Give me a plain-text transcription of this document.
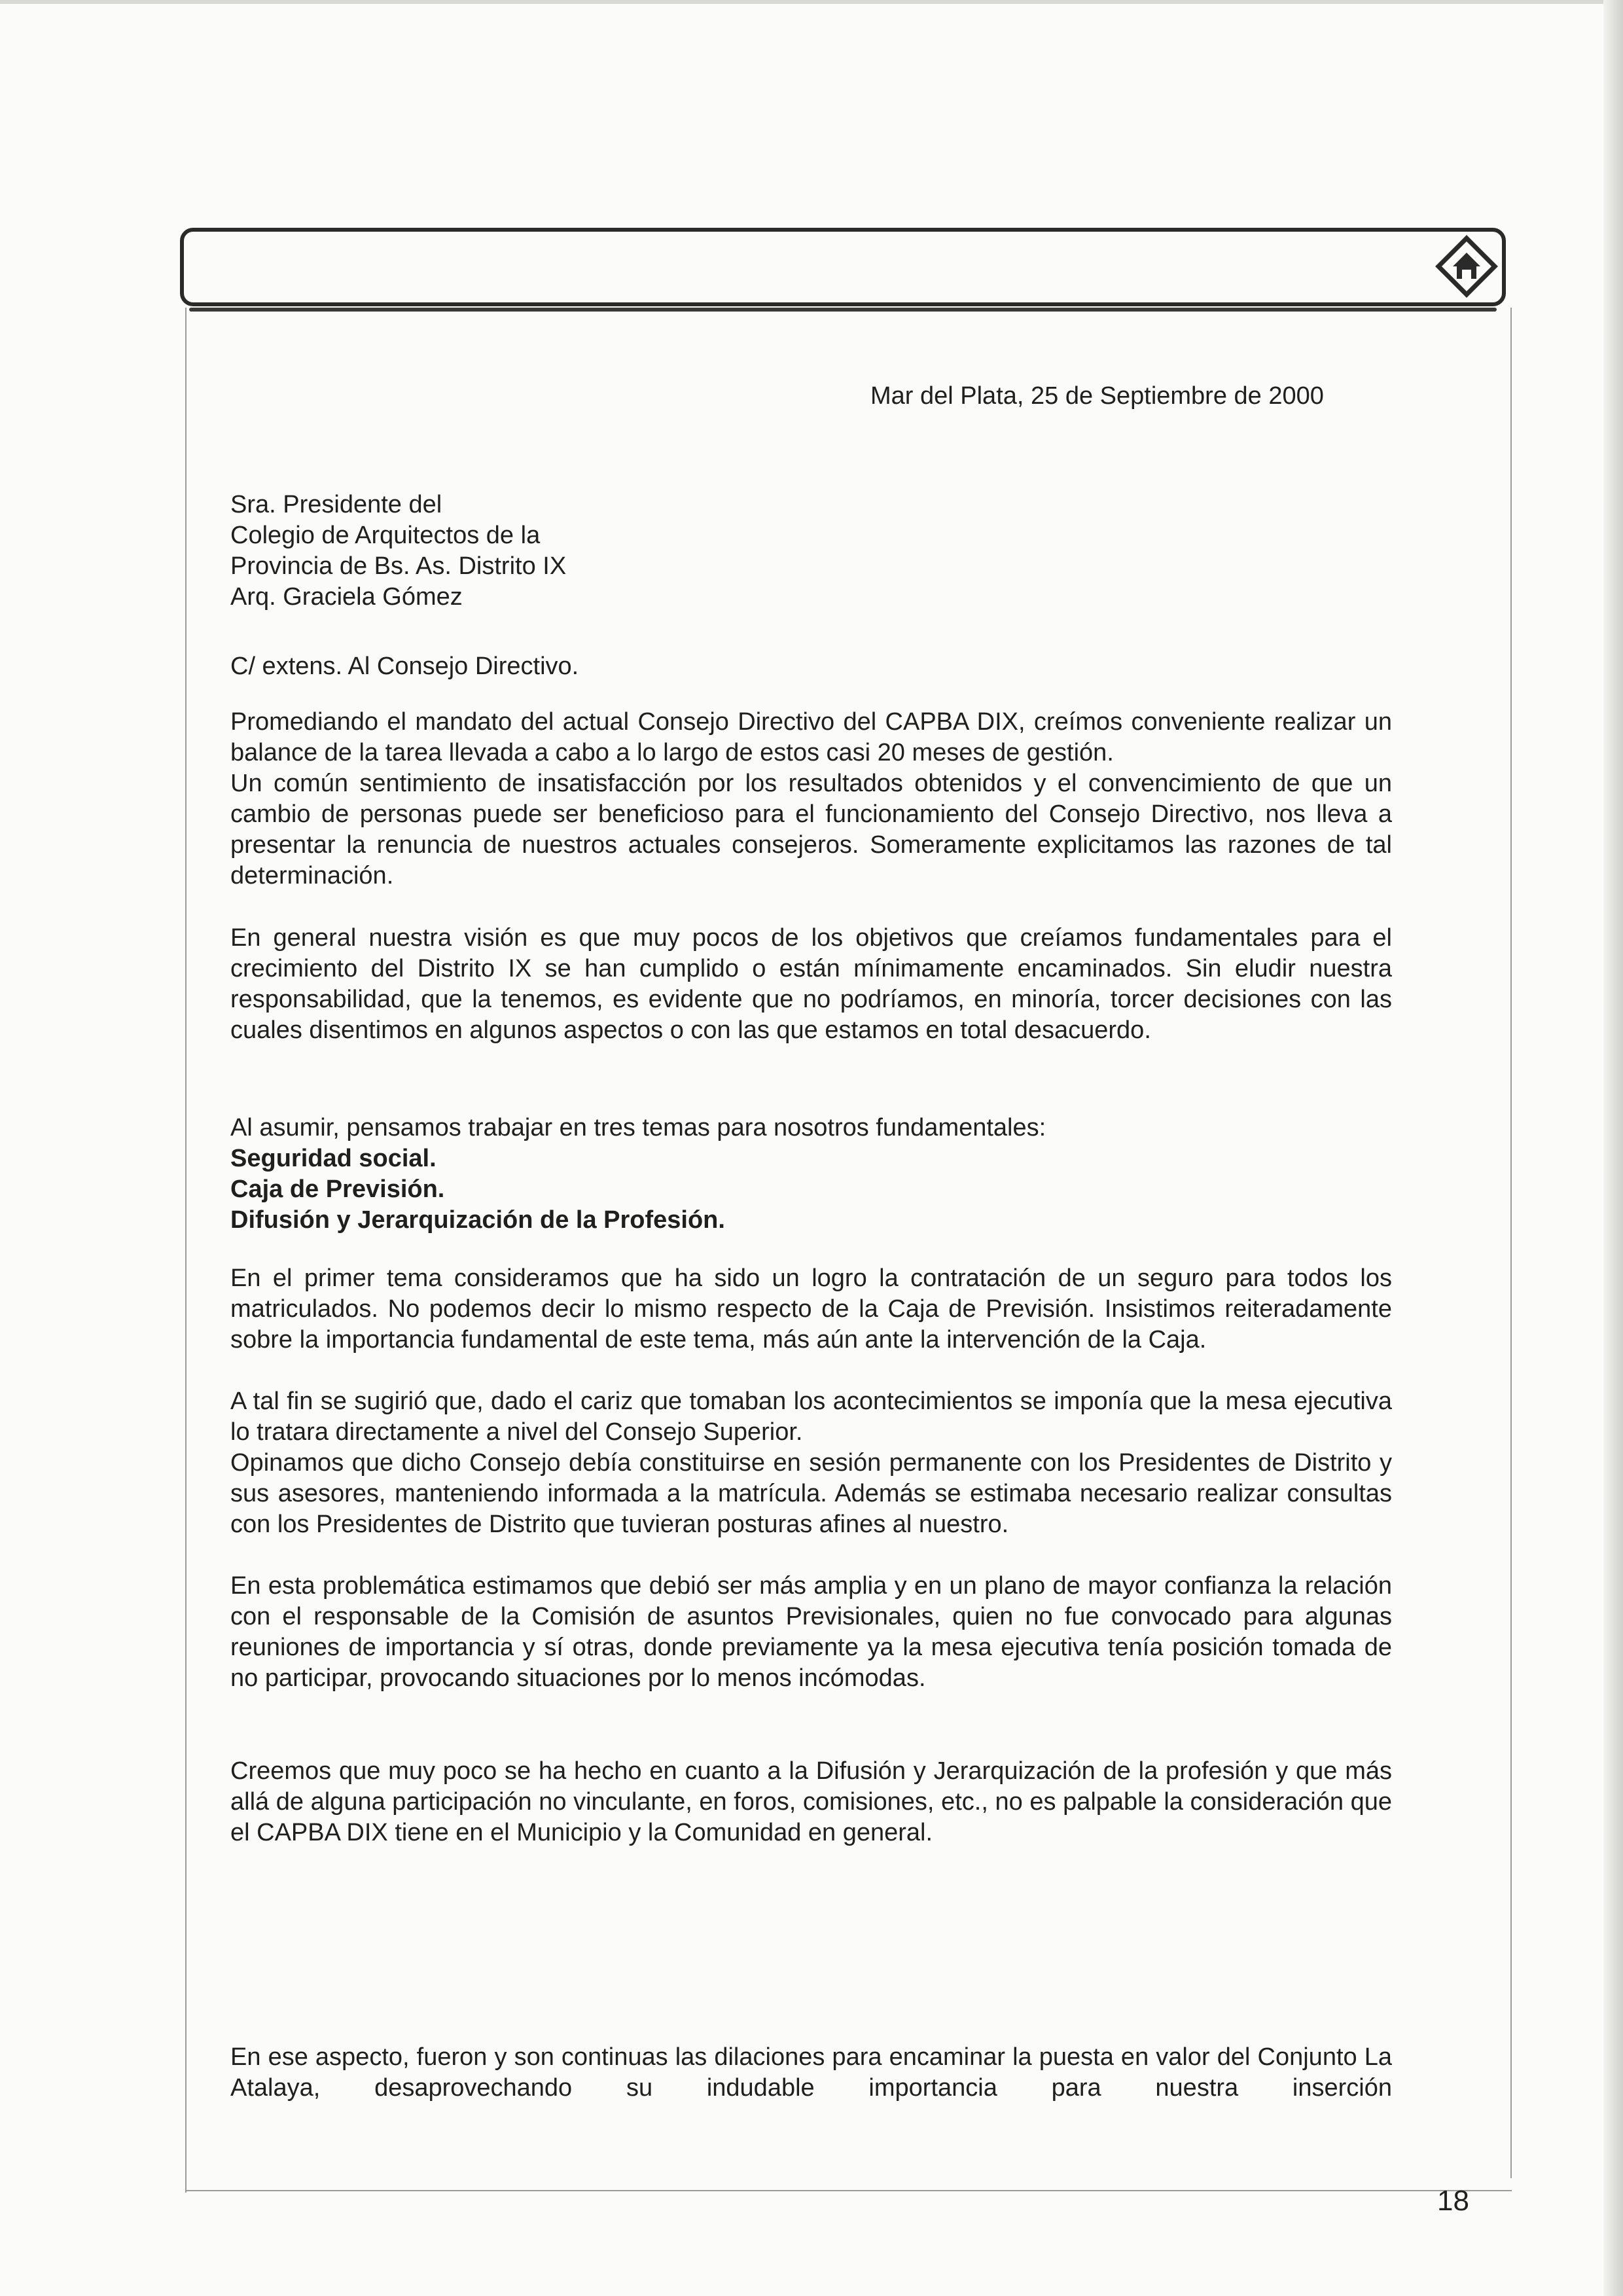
Mar del Plata, 25 de Septiembre de 2000
Sra. Presidente del
Colegio de Arquitectos de la
Provincia de Bs. As. Distrito IX
Arq. Graciela Gómez
C/ extens. Al Consejo Directivo.
Promediando el mandato del actual Consejo Directivo del CAPBA DIX, creímos conveniente realizar un balance de la tarea llevada a cabo a lo largo de estos casi 20 meses de gestión.
Un común sentimiento de insatisfacción por los resultados obtenidos y el convencimiento de que un cambio de personas puede ser beneficioso para el funcionamiento del Consejo Directivo, nos lleva a presentar la renuncia de nuestros actuales consejeros. Someramente explicitamos las razones de tal determinación.
En general nuestra visión es que muy pocos de los objetivos que creíamos fundamentales para el crecimiento del Distrito IX se han cumplido o están mínimamente encaminados. Sin eludir nuestra responsabilidad, que la tenemos, es evidente que no podríamos, en minoría, torcer decisiones con las cuales disentimos en algunos aspectos o con las que estamos en total desacuerdo.
Al asumir, pensamos trabajar en tres temas para nosotros fundamentales:
Seguridad social.
Caja de Previsión.
Difusión y Jerarquización de la Profesión.
En el primer tema consideramos que ha sido un logro la contratación de un seguro para todos los matriculados. No podemos decir lo mismo respecto de la Caja de Previsión. Insistimos reiteradamente sobre la importancia fundamental de este tema, más aún ante la intervención de la Caja.
A tal fin se sugirió que, dado el cariz que tomaban los acontecimientos se imponía que la mesa ejecutiva lo tratara directamente a nivel del Consejo Superior.
Opinamos que dicho Consejo debía constituirse en sesión permanente con los Presidentes de Distrito y sus asesores, manteniendo informada a la matrícula. Además se estimaba necesario realizar consultas con los Presidentes de Distrito que tuvieran posturas afines al nuestro.
En esta problemática estimamos que debió ser más amplia y en un plano de mayor confianza la relación con el responsable de la Comisión de asuntos Previsionales, quien no fue convocado para algunas reuniones de importancia y sí otras, donde previamente ya la mesa ejecutiva tenía posición tomada de no participar, provocando situaciones por lo menos incómodas.
Creemos que muy poco se ha hecho en cuanto a la Difusión y Jerarquización de la profesión y que más allá de alguna participación no vinculante, en foros, comisiones, etc., no es palpable la consideración que el CAPBA DIX tiene en el Municipio y la Comunidad en general.
En ese aspecto, fueron y son continuas las dilaciones para encaminar la puesta en valor del Conjunto La Atalaya, desaprovechando su indudable importancia para nuestra inserción
18
